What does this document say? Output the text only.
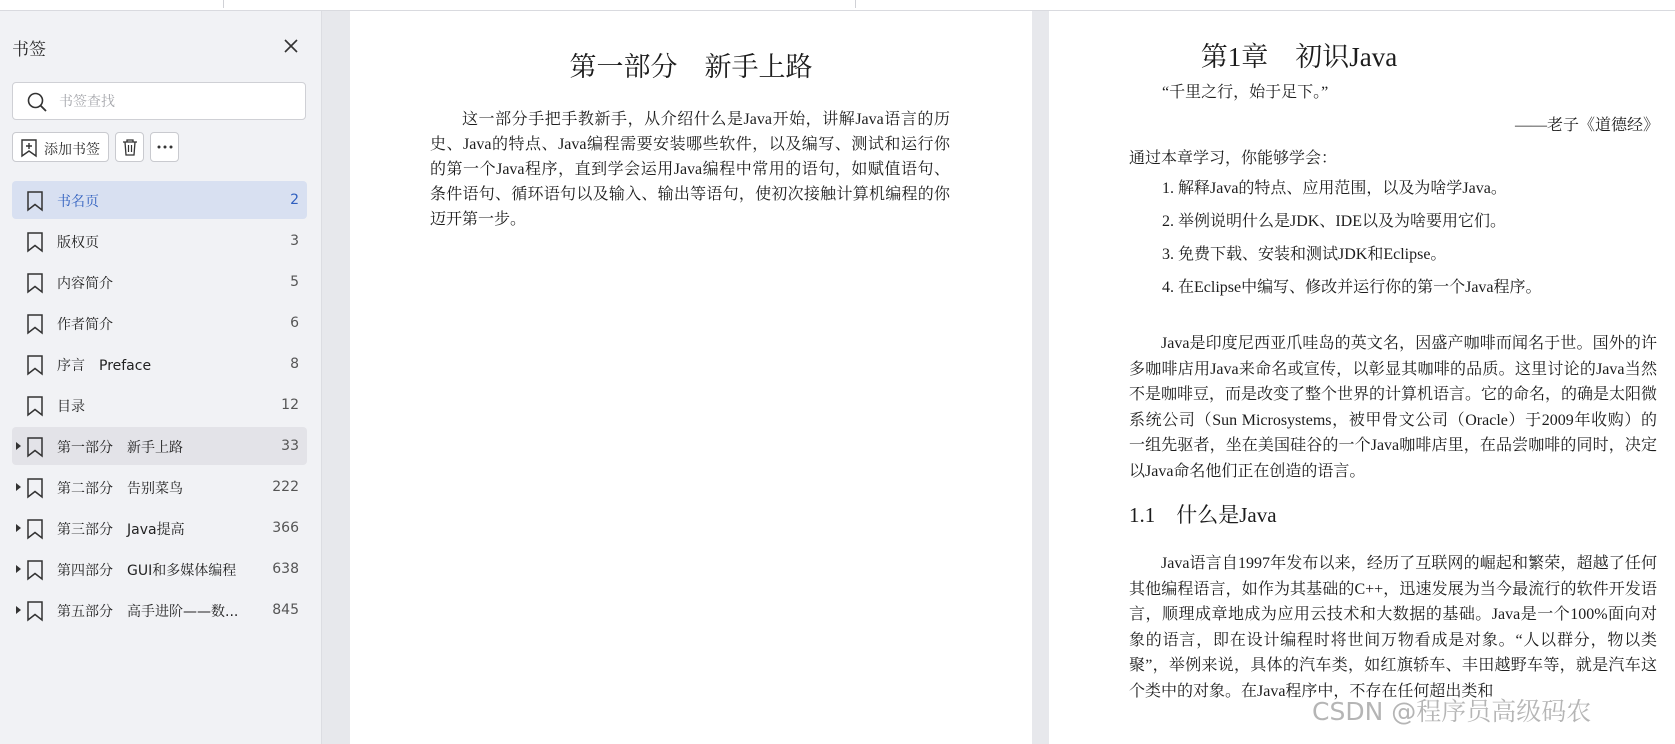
书签
书签查找
添加书签
书名页	2
版权页	3
内容简介	5
作者简介	6
序言　Preface	8
目录	12
第一部分　新手上路	33
第二部分　告别菜鸟	222
第三部分　Java提高	366
第四部分　GUI和多媒体编程	638
第五部分　高手进阶——数...	845
第一部分　新手上路

这一部分手把手教新手，从介绍什么是Java开始，讲解Java语言的历史、Java的特点、Java编程需要安装哪些软件，以及编写、测试和运行你的第一个Java程序，直到学会运用Java编程中常用的语句，如赋值语句、条件语句、循环语句以及输入、输出等语句，使初次接触计算机编程的你迈开第一步。

第1章　初识Java
“千里之行，始于足下。”
——老子《道德经》
通过本章学习，你能够学会：
1. 解释Java的特点、应用范围，以及为啥学Java。
2. 举例说明什么是JDK、IDE以及为啥要用它们。
3. 免费下载、安装和测试JDK和Eclipse。
4. 在Eclipse中编写、修改并运行你的第一个Java程序。

Java是印度尼西亚爪哇岛的英文名，因盛产咖啡而闻名于世。国外的许多咖啡店用Java来命名或宣传，以彰显其咖啡的品质。这里讨论的Java当然不是咖啡豆，而是改变了整个世界的计算机语言。它的命名，的确是太阳微系统公司（Sun Microsystems，被甲骨文公司（Oracle）于2009年收购）的一组先驱者，坐在美国硅谷的一个Java咖啡店里，在品尝咖啡的同时，决定以Java命名他们正在创造的语言。

1.1　什么是Java

Java语言自1997年发布以来，经历了互联网的崛起和繁荣，超越了任何其他编程语言，如作为其基础的C++，迅速发展为当今最流行的软件开发语言，顺理成章地成为应用云技术和大数据的基础。Java是一个100%面向对象的语言，即在设计编程时将世间万物看成是对象。“人以群分，物以类聚”，举例来说，具体的汽车类，如红旗轿车、丰田越野车等，就是汽车这个类中的对象。在Java程序中，不存在任何超出类和

CSDN @程序员高级码农
